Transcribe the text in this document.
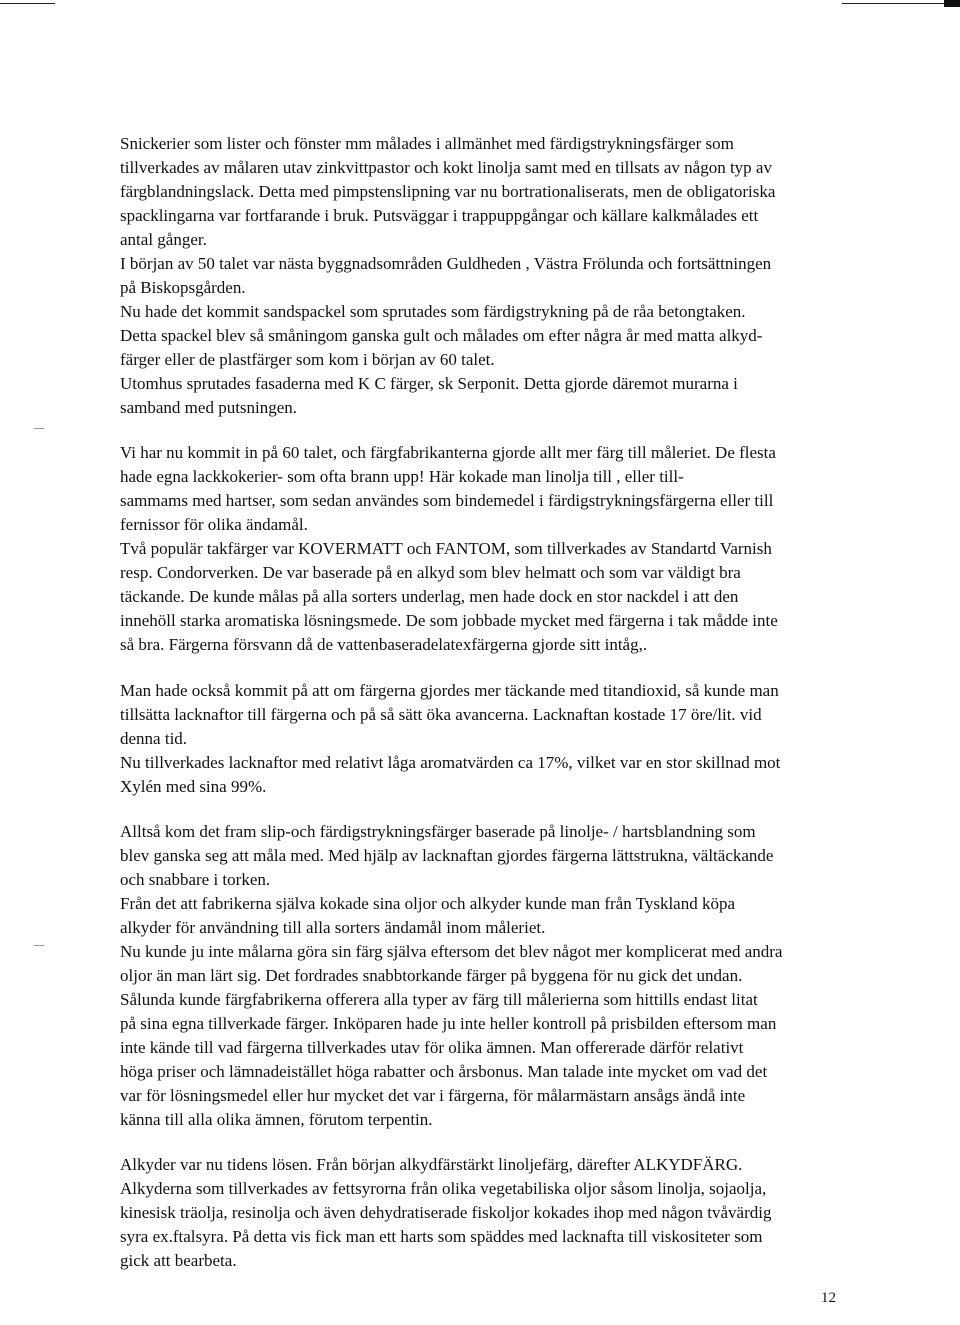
Snickerier som lister och fönster mm målades i allmänhet med färdigstrykningsfärger som
tillverkades av målaren utav zinkvittpastor och kokt linolja samt med en tillsats av någon typ av
färgblandningslack. Detta med pimpstenslipning var nu bortrationaliserats, men de obligatoriska
spacklingarna var fortfarande i bruk. Putsväggar i trappuppgångar och källare kalkmålades ett
antal gånger.
I början av 50 talet var nästa byggnadsområden Guldheden , Västra Frölunda och fortsättningen
på Biskopsgården.
Nu hade det kommit sandspackel som sprutades som färdigstrykning på de råa betongtaken.
Detta spackel blev så småningom ganska gult och målades om efter några år med matta alkyd-
färger eller de plastfärger som kom i början av 60 talet.
Utomhus sprutades fasaderna med K C färger, sk Serponit. Detta gjorde däremot murarna i
samband med putsningen.
Vi har nu kommit in på 60 talet, och färgfabrikanterna gjorde allt mer färg till måleriet. De flesta
hade egna lackkokerier- som ofta brann upp! Här kokade man linolja till , eller till-
sammams med hartser, som sedan användes som bindemedel i färdigstrykningsfärgerna eller till
fernissor för olika ändamål.
Två populär takfärger var KOVERMATT och FANTOM, som tillverkades av Standartd Varnish
resp. Condorverken. De var baserade på en alkyd som blev helmatt och som var väldigt bra
täckande. De kunde målas på alla sorters underlag, men hade dock en stor nackdel i att den
innehöll starka aromatiska lösningsmede. De som jobbade mycket med färgerna i tak mådde inte
så bra. Färgerna försvann då de vattenbaseradelatexfärgerna gjorde sitt intåg,.
Man hade också kommit på att om färgerna gjordes mer täckande med titandioxid, så kunde man
tillsätta lacknaftor till färgerna och på så sätt öka avancerna. Lacknaftan kostade 17 öre/lit. vid
denna tid.
Nu tillverkades lacknaftor med relativt låga aromatvärden ca 17%, vilket var en stor skillnad mot
Xylén med sina 99%.
Alltså kom det fram slip-och färdigstrykningsfärger baserade på linolje- / hartsblandning som
blev ganska seg att måla med. Med hjälp av lacknaftan gjordes färgerna lättstrukna, vältäckande
och snabbare i torken.
Från det att fabrikerna själva kokade sina oljor och alkyder kunde man från Tyskland köpa
alkyder för användning till alla sorters ändamål inom måleriet.
Nu kunde ju inte målarna göra sin färg själva eftersom det blev något mer komplicerat med andra
oljor än man lärt sig. Det fordrades snabbtorkande färger på byggena för nu gick det undan.
Sålunda kunde färgfabrikerna offerera alla typer av färg till målerierna som hittills endast litat
på sina egna tillverkade färger. Inköparen hade ju inte heller kontroll på prisbilden eftersom man
inte kände till vad färgerna tillverkades utav för olika ämnen. Man offererade därför relativt
höga priser och lämnadeistället höga rabatter och årsbonus. Man talade inte mycket om vad det
var för lösningsmedel eller hur mycket det var i färgerna, för målarmästarn ansågs ändå inte
känna till alla olika ämnen, förutom terpentin.
Alkyder var nu tidens lösen. Från början alkydfärstärkt linoljefärg, därefter ALKYDFÄRG.
Alkyderna som tillverkades av fettsyrorna från olika vegetabiliska oljor såsom linolja, sojaolja,
kinesisk träolja, resinolja och även dehydratiserade fiskoljor kokades ihop med någon tvåvärdig
syra ex.ftalsyra. På detta vis fick man ett harts som späddes med lacknafta till viskositeter som
gick att bearbeta.
12
